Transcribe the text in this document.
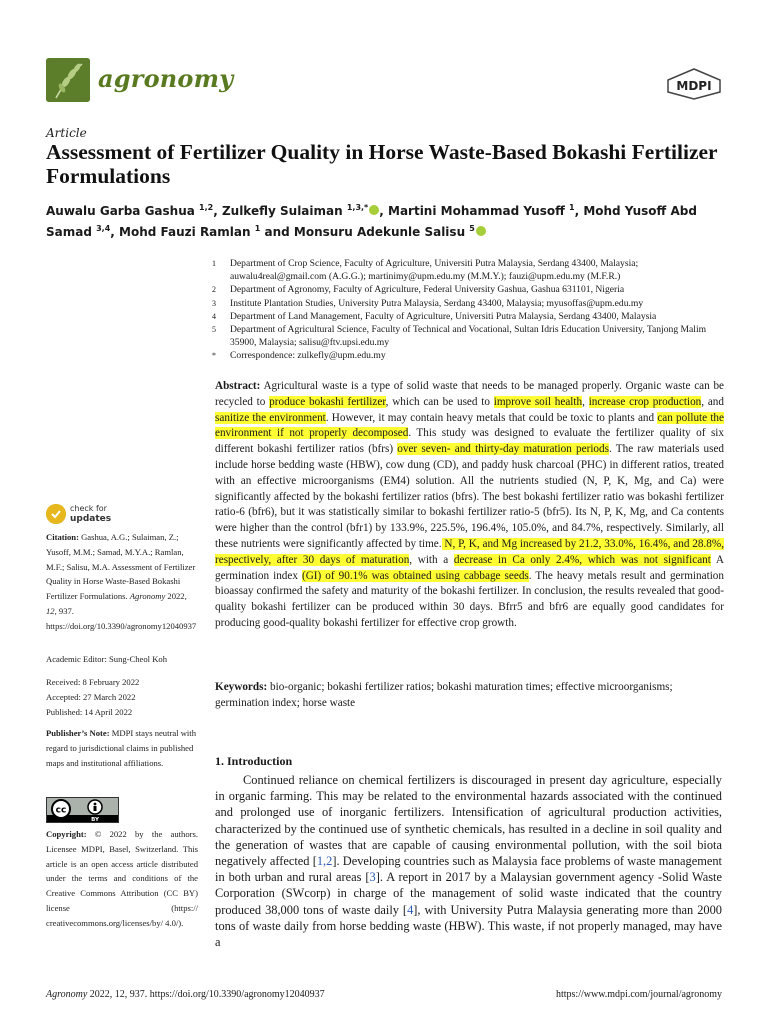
agronomy	MDPI
Article
Assessment of Fertilizer Quality in Horse Waste-Based Bokashi Fertilizer Formulations
Auwalu Garba Gashua $^{1,2}$, Zulkefly Sulaiman $^{1,3,*}$ , Martini Mohammad Yusoff $^1$, Mohd Yusoff Abd Samad $^{3,4}$, Mohd Fauzi Ramlan $^1$ and Monsuru Adekunle Salisu $^5$
1	Department of Crop Science, Faculty of Agriculture, Universiti Putra Malaysia, Serdang 43400, Malaysia; auwalu4real@gmail.com (A.G.G.); martinimy@upm.edu.my (M.M.Y.); fauzi@upm.edu.my (M.F.R.)
2	Department of Agronomy, Faculty of Agriculture, Federal University Gashua, Gashua 631101, Nigeria
3	Institute Plantation Studies, University Putra Malaysia, Serdang 43400, Malaysia; myusoffas@upm.edu.my
4	Department of Land Management, Faculty of Agriculture, Universiti Putra Malaysia, Serdang 43400, Malaysia
5	Department of Agricultural Science, Faculty of Technical and Vocational, Sultan Idris Education University, Tanjong Malim 35900, Malaysia; salisu@ftv.upsi.edu.my
*	Correspondence: zulkefly@upm.edu.my
Abstract: Agricultural waste is a type of solid waste that needs to be managed properly. Organic waste can be recycled to produce bokashi fertilizer, which can be used to improve soil health, increase crop production, and sanitize the environment. However, it may contain heavy metals that could be toxic to plants and can pollute the environment if not properly decomposed. This study was designed to evaluate the fertilizer quality of six different bokashi fertilizer ratios (bfrs) over seven- and thirty-day maturation periods. The raw materials used include horse bedding waste (HBW), cow dung (CD), and paddy husk charcoal (PHC) in different ratios, treated with an effective microorganisms (EM4) solution. All the nutrients studied (N, P, K, Mg, and Ca) were significantly affected by the bokashi fertilizer ratios (bfrs). The best bokashi fertilizer ratio was bokashi fertilizer ratio-6 (bfr6), but it was statistically similar to bokashi fertilizer ratio-5 (bfr5). Its N, P, K, Mg, and Ca contents were higher than the control (bfr1) by 133.9%, 225.5%, 196.4%, 105.0%, and 84.7%, respectively. Similarly, all these nutrients were significantly affected by time. N, P, K, and Mg increased by 21.2, 33.0%, 16.4%, and 28.8%, respectively, after 30 days of maturation, with a decrease in Ca only 2.4%, which was not significant A germination index (GI) of 90.1% was obtained using cabbage seeds. The heavy metals result and germination bioassay confirmed the safety and maturity of the bokashi fertilizer. In conclusion, the results revealed that good-quality bokashi fertilizer can be produced within 30 days. Bfrr5 and bfr6 are equally good candidates for producing good-quality bokashi fertilizer for effective crop growth.
Keywords: bio-organic; bokashi fertilizer ratios; bokashi maturation times; effective microorganisms; germination index; horse waste
1. Introduction
Continued reliance on chemical fertilizers is discouraged in present day agriculture, especially in organic farming. This may be related to the environmental hazards associated with the continued and prolonged use of inorganic fertilizers. Intensification of agricultural production activities, characterized by the continued use of synthetic chemicals, has resulted in a decline in soil quality and the generation of wastes that are capable of causing environmental pollution, with the soil biota negatively affected [1,2]. Developing countries such as Malaysia face problems of waste management in both urban and rural areas [3]. A report in 2017 by a Malaysian government agency -Solid Waste Corporation (SWcorp) in charge of the management of solid waste indicated that the country produced 38,000 tons of waste daily [4], with University Putra Malaysia generating more than 2000 tons of waste daily from horse bedding waste (HBW). This waste, if not properly managed, may have a
check for
updates
Citation: Gashua, A.G.; Sulaiman, Z.; Yusoff, M.M.; Samad, M.Y.A.; Ramlan, M.F.; Salisu, M.A. Assessment of Fertilizer Quality in Horse Waste-Based Bokashi Fertilizer Formulations. Agronomy 2022, 12, 937. https://doi.org/10.3390/agronomy12040937
Academic Editor: Sung-Cheol Koh
Received: 8 February 2022
Accepted: 27 March 2022
Published: 14 April 2022
Publisher’s Note: MDPI stays neutral with regard to jurisdictional claims in published maps and institutional affiliations.
cc
BY
Copyright: © 2022 by the authors. Licensee MDPI, Basel, Switzerland. This article is an open access article distributed under the terms and conditions of the Creative Commons Attribution (CC BY) license (https:// creativecommons.org/licenses/by/ 4.0/).
Agronomy 2022, 12, 937. https://doi.org/10.3390/agronomy12040937	https://www.mdpi.com/journal/agronomy
